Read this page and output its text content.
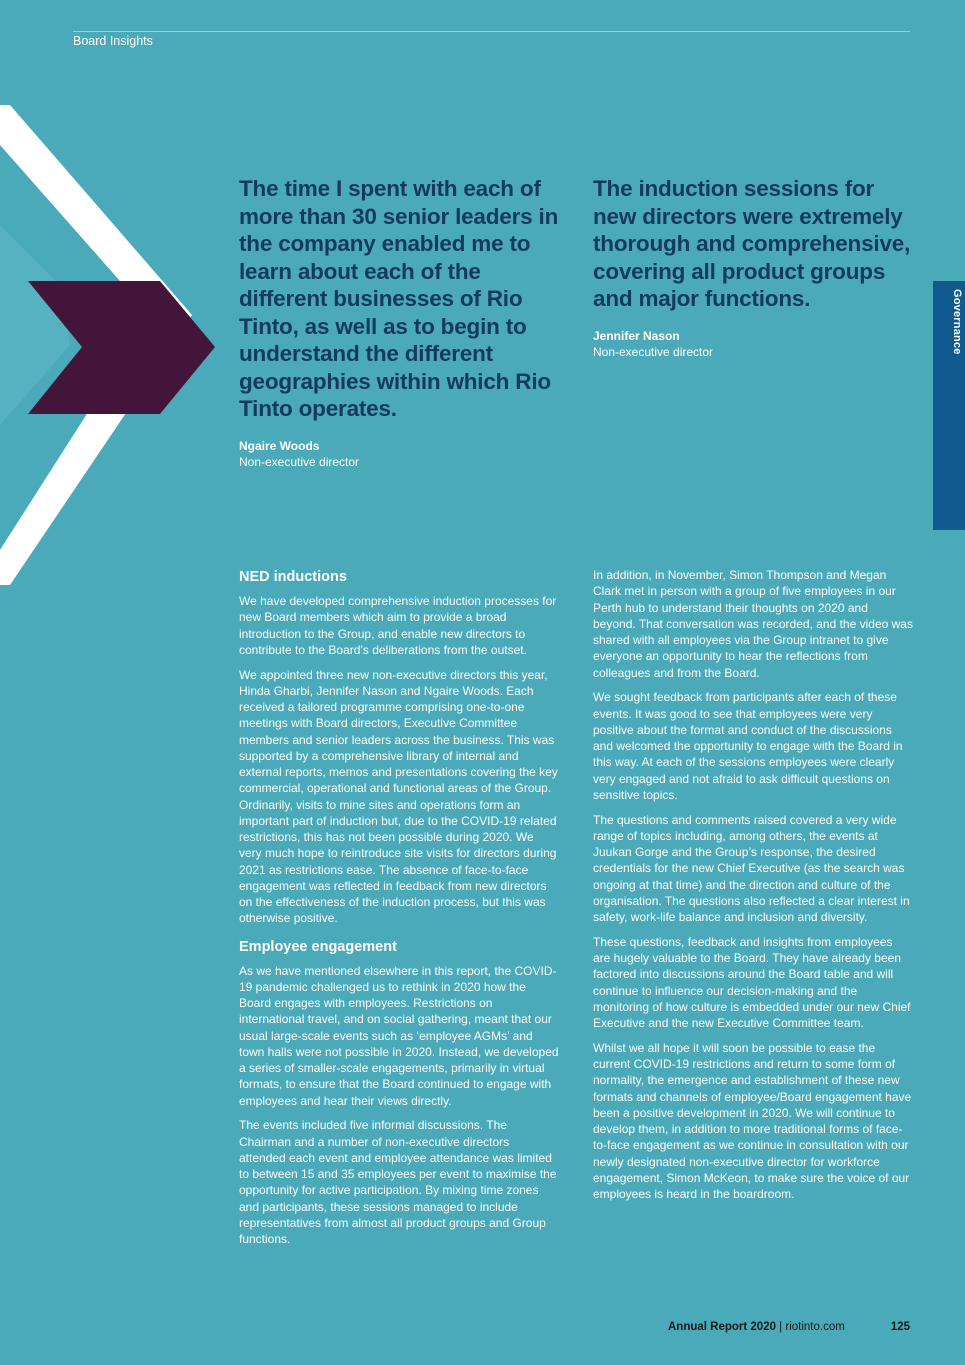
Board Insights
Governance
The time I spent with each of more than 30 senior leaders in the company enabled me to learn about each of the different businesses of Rio Tinto, as well as to begin to understand the different geographies within which Rio Tinto operates.
Ngaire Woods
Non-executive director
The induction sessions for new directors were extremely thorough and comprehensive, covering all product groups and major functions.
Jennifer Nason
Non-executive director
NED inductions

We have developed comprehensive induction processes for new Board members which aim to provide a broad introduction to the Group, and enable new directors to contribute to the Board’s deliberations from the outset.

We appointed three new non-executive directors this year, Hinda Gharbi, Jennifer Nason and Ngaire Woods. Each received a tailored programme comprising one-to-one meetings with Board directors, Executive Committee members and senior leaders across the business. This was supported by a comprehensive library of internal and external reports, memos and presentations covering the key commercial, operational and functional areas of the Group. Ordinarily, visits to mine sites and operations form an important part of induction but, due to the COVID-19 related restrictions, this has not been possible during 2020. We very much hope to reintroduce site visits for directors during 2021 as restrictions ease. The absence of face-to-face engagement was reflected in feedback from new directors on the effectiveness of the induction process, but this was otherwise positive.

Employee engagement

As we have mentioned elsewhere in this report, the COVID-19 pandemic challenged us to rethink in 2020 how the Board engages with employees. Restrictions on international travel, and on social gathering, meant that our usual large-scale events such as ‘employee AGMs’ and town halls were not possible in 2020. Instead, we developed a series of smaller-scale engagements, primarily in virtual formats, to ensure that the Board continued to engage with employees and hear their views directly.

The events included five informal discussions. The Chairman and a number of non-executive directors attended each event and employee attendance was limited to between 15 and 35 employees per event to maximise the opportunity for active participation. By mixing time zones and participants, these sessions managed to include representatives from almost all product groups and Group functions.

In addition, in November, Simon Thompson and Megan Clark met in person with a group of five employees in our Perth hub to understand their thoughts on 2020 and beyond. That conversation was recorded, and the video was shared with all employees via the Group intranet to give everyone an opportunity to hear the reflections from colleagues and from the Board.

We sought feedback from participants after each of these events. It was good to see that employees were very positive about the format and conduct of the discussions and welcomed the opportunity to engage with the Board in this way. At each of the sessions employees were clearly very engaged and not afraid to ask difficult questions on sensitive topics.

The questions and comments raised covered a very wide range of topics including, among others, the events at Juukan Gorge and the Group’s response, the desired credentials for the new Chief Executive (as the search was ongoing at that time) and the direction and culture of the organisation. The questions also reflected a clear interest in safety, work-life balance and inclusion and diversity.

These questions, feedback and insights from employees are hugely valuable to the Board. They have already been factored into discussions around the Board table and will continue to influence our decision-making and the monitoring of how culture is embedded under our new Chief Executive and the new Executive Committee team.

Whilst we all hope it will soon be possible to ease the current COVID-19 restrictions and return to some form of normality, the emergence and establishment of these new formats and channels of employee/Board engagement have been a positive development in 2020. We will continue to develop them, in addition to more traditional forms of face-to-face engagement as we continue in consultation with our newly designated non-executive director for workforce engagement, Simon McKeon, to make sure the voice of our employees is heard in the boardroom.

Annual Report 2020 | riotinto.com	125
